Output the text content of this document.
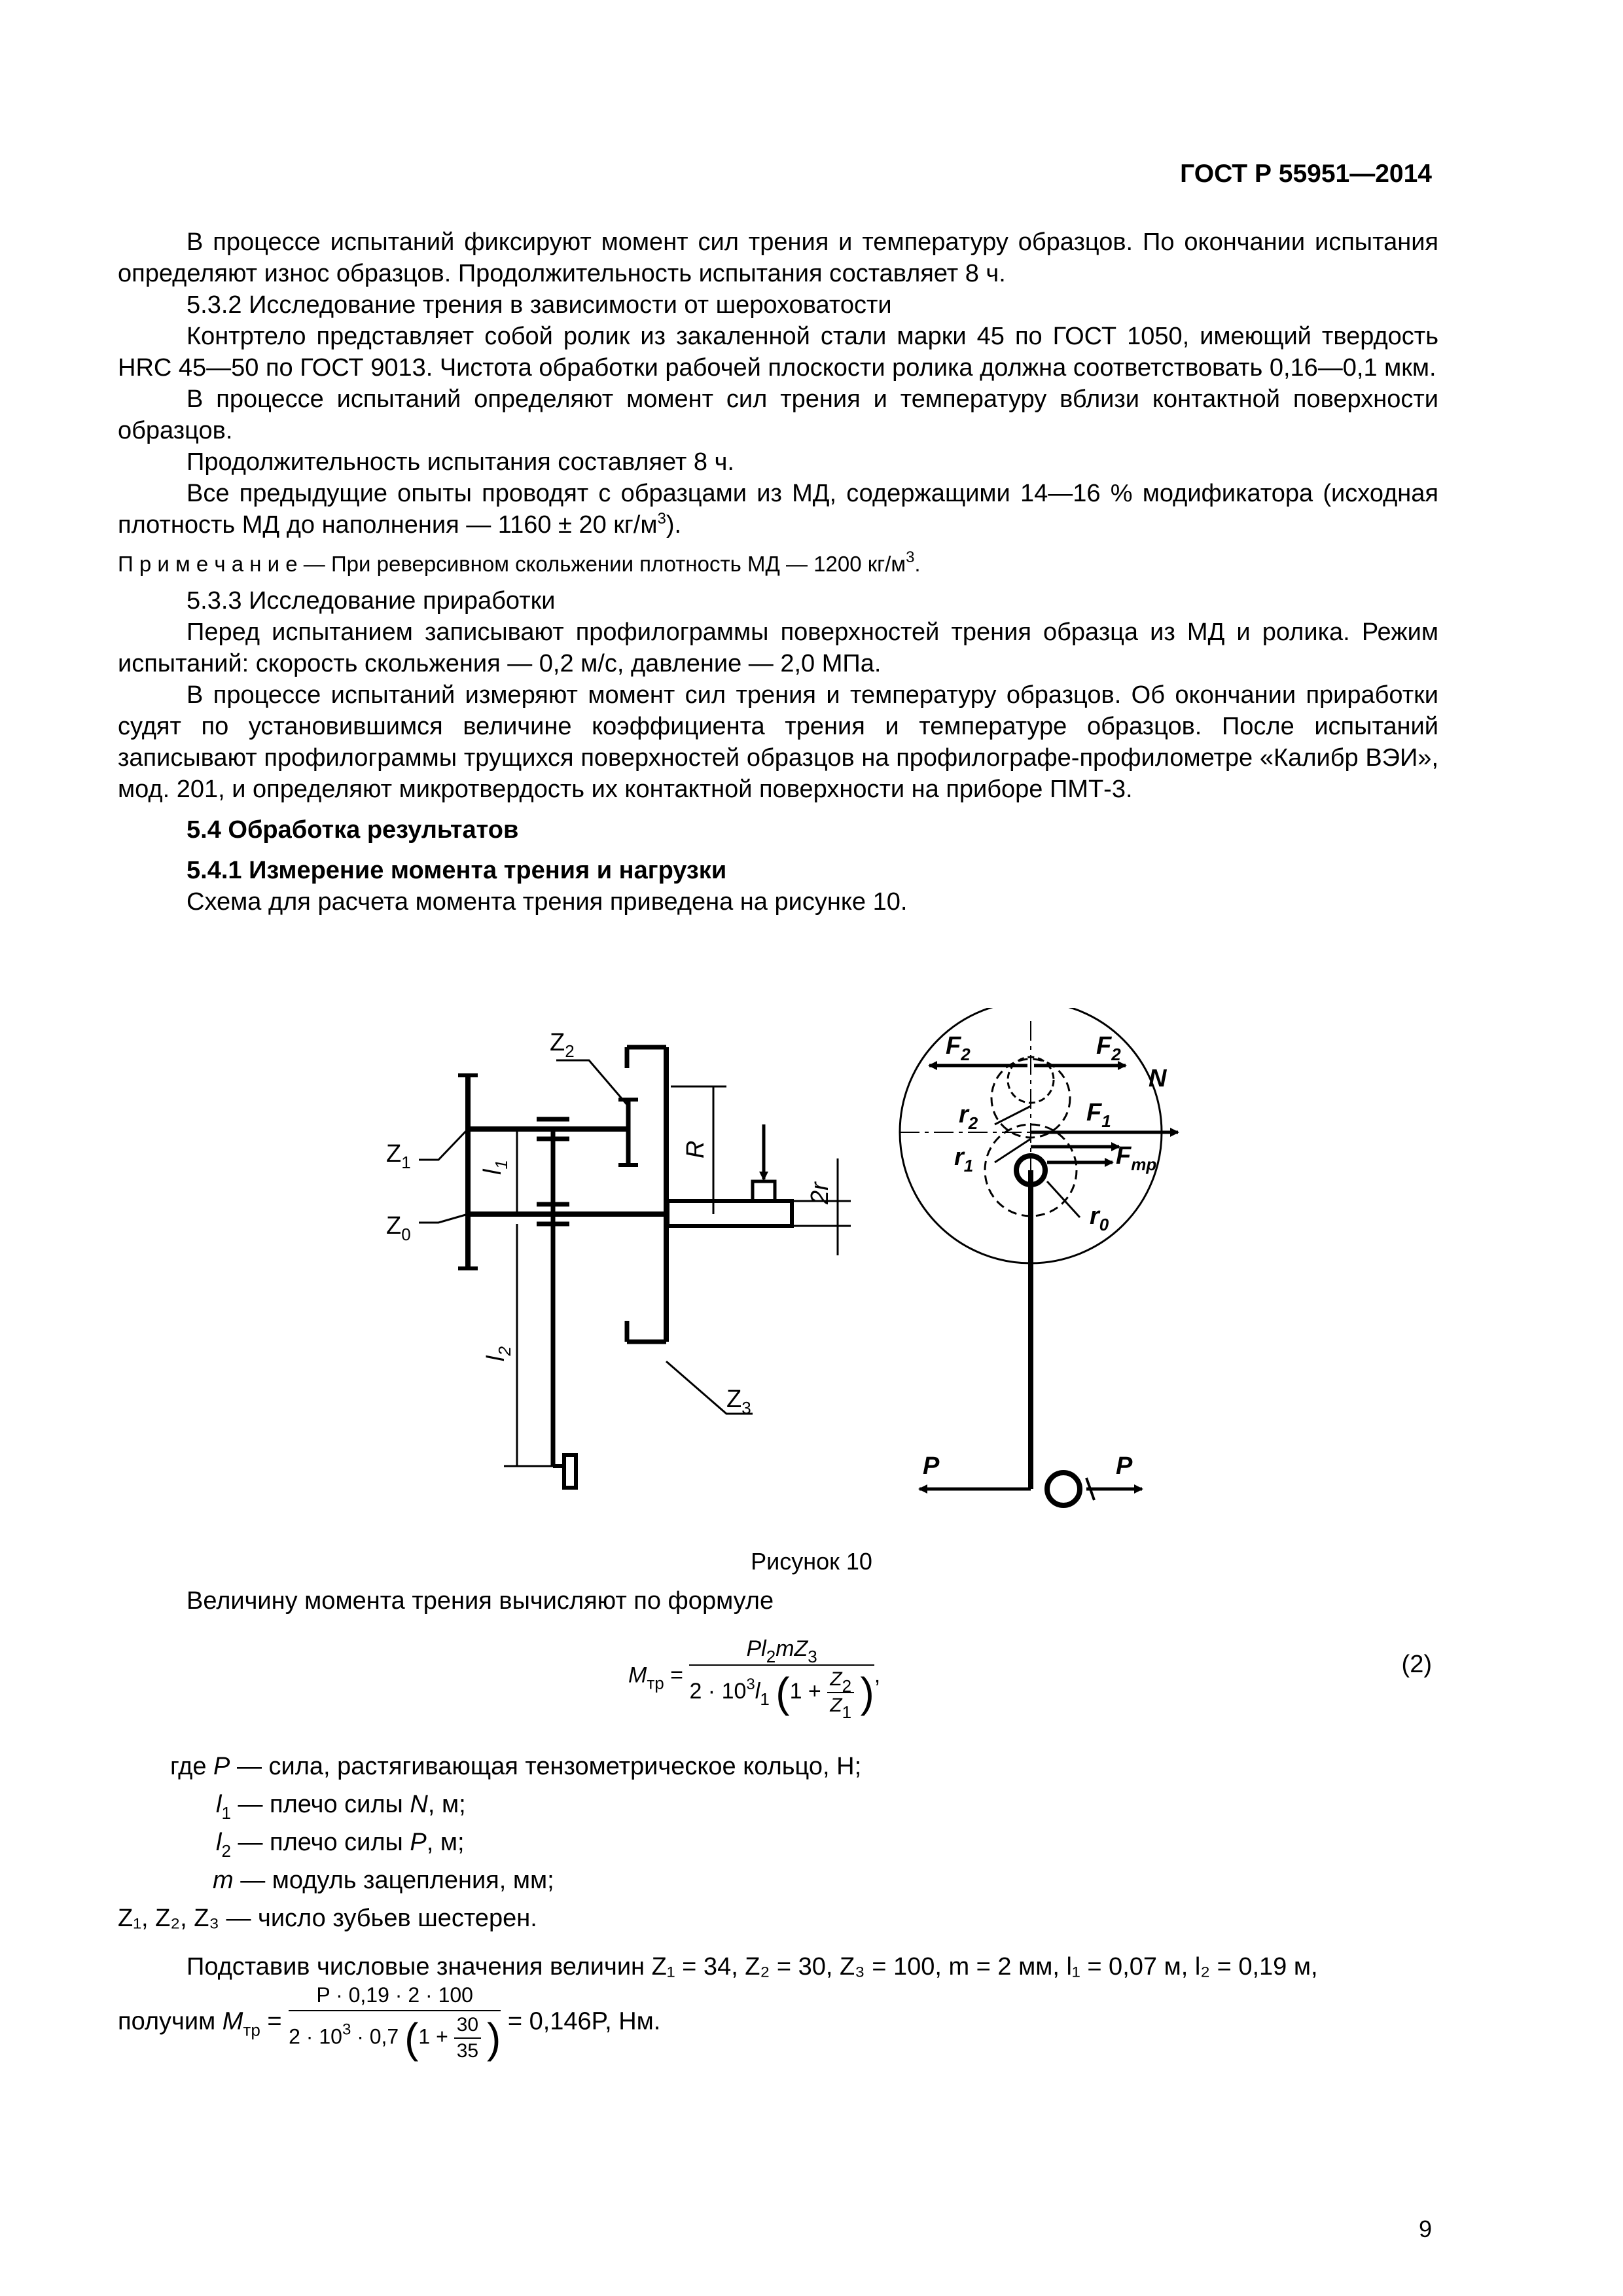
ГОСТ Р 55951—2014

В процессе испытаний фиксируют момент сил трения и температуру образцов. По окончании испытания определяют износ образцов. Продолжительность испытания составляет 8 ч.

5.3.2 Исследование трения в зависимости от шероховатости

Контртело представляет собой ролик из закаленной стали марки 45 по ГОСТ 1050, имеющий твердость HRC 45—50 по ГОСТ 9013. Чистота обработки рабочей плоскости ролика должна соответствовать 0,16—0,1 мкм.

В процессе испытаний определяют момент сил трения и температуру вблизи контактной поверхности образцов.

Продолжительность испытания составляет 8 ч.

Все предыдущие опыты проводят с образцами из МД, содержащими 14—16 % модификатора (исходная плотность МД до наполнения — 1160 ± 20 $кг/м^3$).

П р и м е ч а н и е — При реверсивном скольжении плотность МД — 1200 $кг/м^3$.

5.3.3 Исследование приработки

Перед испытанием записывают профилограммы поверхностей трения образца из МД и ролика. Режим испытаний: скорость скольжения — 0,2 м/с, давление — 2,0 МПа.

В процессе испытаний измеряют момент сил трения и температуру образцов. Об окончании приработки судят по установившимся величине коэффициента трения и температуре образцов. После испытаний записывают профилограммы трущихся поверхностей образцов на профилографе-профилометре «Калибр ВЭИ», мод. 201, и определяют микротвердость их контактной поверхности на приборе ПМТ-3.

5.4 Обработка результатов

5.4.1 Измерение момента трения и нагрузки

Схема для расчета момента трения приведена на рисунке 10.

$Z_1$
$Z_0$
$Z_2$
$Z_3$
$l_1$
$l_2$
R
2r
$F_2$	$F_2$
N
$r_2$	$F_1$
$r_1$	$F_{тр}$
$r_0$
P	P
Рисунок 10
Величину момента трения вычисляют по формуле
$M_{тр} = \frac{Pl_2mZ_3}{2 \cdot 10^3l_1 (1 + \frac{Z_2}{Z_1} )}$ ,	(2)
где P — сила, растягивающая тензометрическое кольцо, Н;
$l_1$ — плечо силы N, м;
$l_2$ — плечо силы P, м;
m — модуль зацепления, мм;
Z₁, Z₂, Z₃ — число зубьев шестерен.
Подставив числовые значения величин Z₁ = 34, Z₂ = 30, Z₃ = 100, m = 2 мм, l₁ = 0,07 м, l₂ = 0,19 м,
получим $M_{тр} = \frac{P \cdot 0,19 \cdot 2 \cdot 100}{2 \cdot 10^3 \cdot 0,7 (1 + \frac{30}{35} )} = 0,146P$, Нм.
9
